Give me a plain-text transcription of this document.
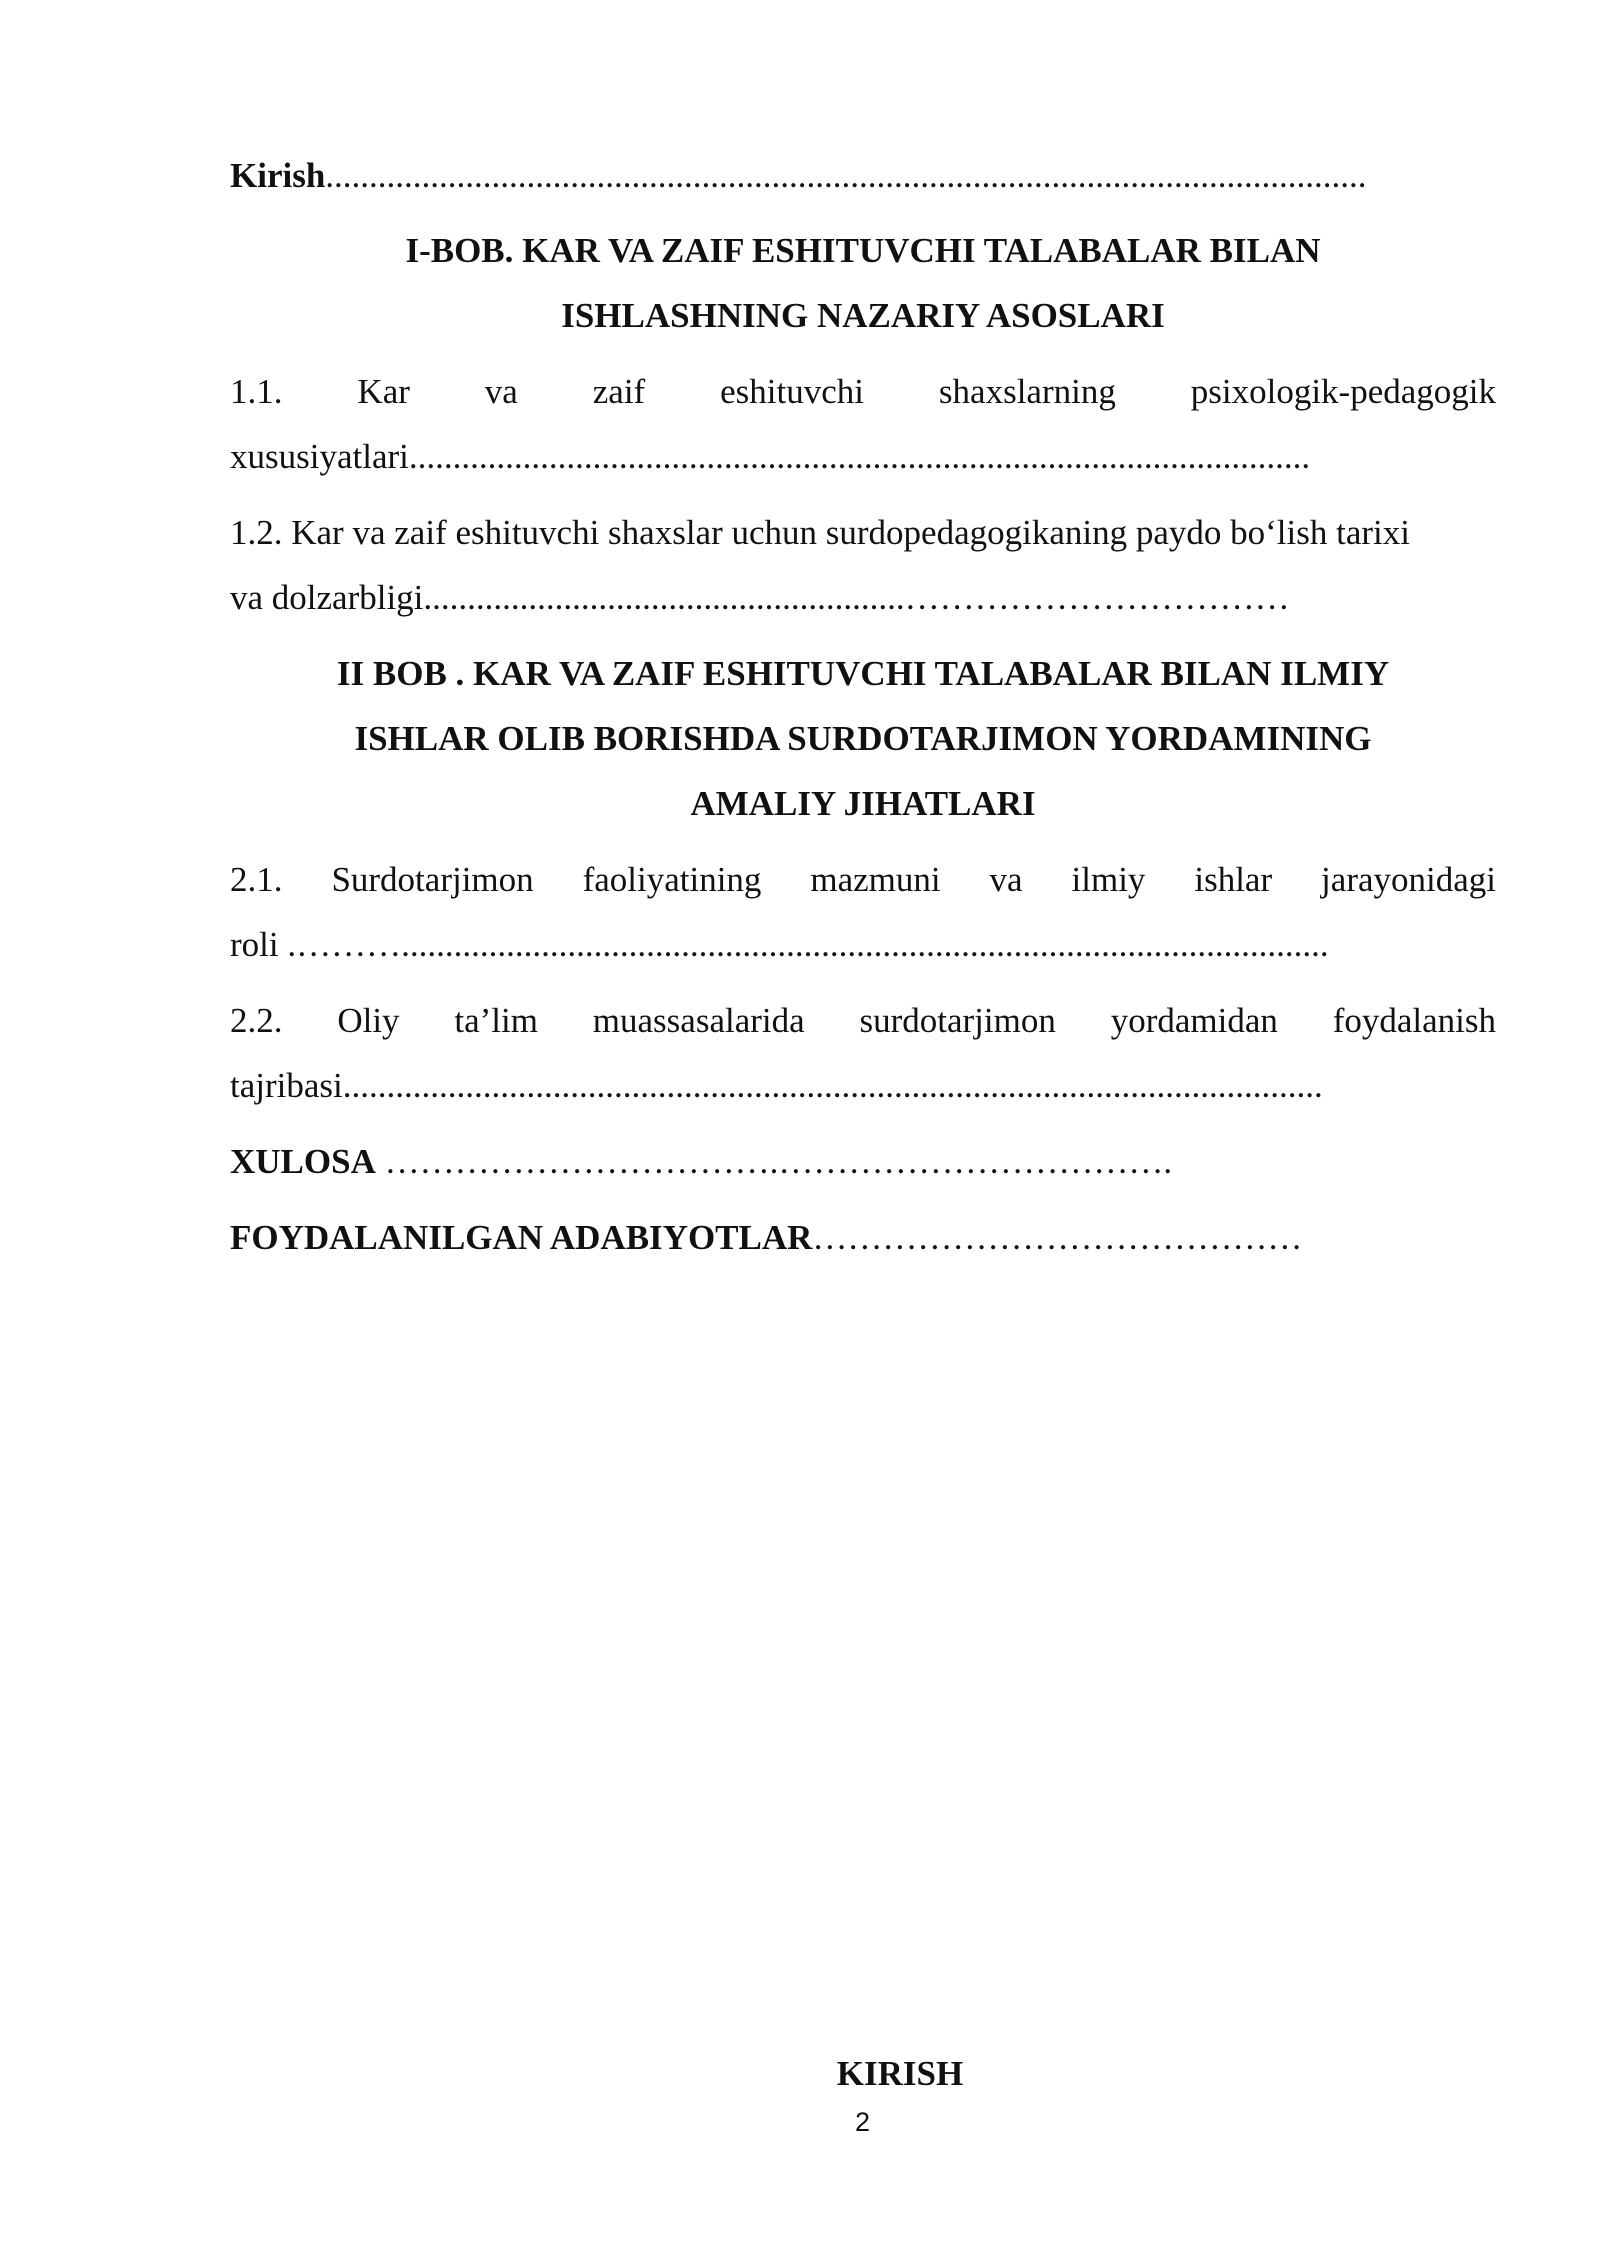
Kirish.......................................................................................................................
I-BOB. KAR VA ZAIF ESHITUVCHI TALABALAR BILAN
ISHLASHNING NAZARIY ASOSLARI
1.1. Kar va zaif eshituvchi shaxslarning psixologik-pedagogik
xususiyatlari.......................................................................................................
1.2. Kar va zaif eshituvchi shaxslar uchun surdopedagogikaning paydo bo‘lish tarixi
va dolzarbligi.......................................................……………………………
II BOB . KAR VA ZAIF ESHITUVCHI TALABALAR BILAN ILMIY
ISHLAR OLIB BORISHDA SURDOTARJIMON YORDAMINING
AMALIY JIHATLARI
2.1. Surdotarjimon faoliyatining mazmuni va ilmiy ishlar jarayonidagi
roli .………..........................................................................................................
2.2. Oliy ta’lim muassasalarida surdotarjimon yordamidan foydalanish
tajribasi................................................................................................................
XULOSA …………………………….…………………………….
FOYDALANILGAN ADABIYOTLAR……………………………………
KIRISH
2
